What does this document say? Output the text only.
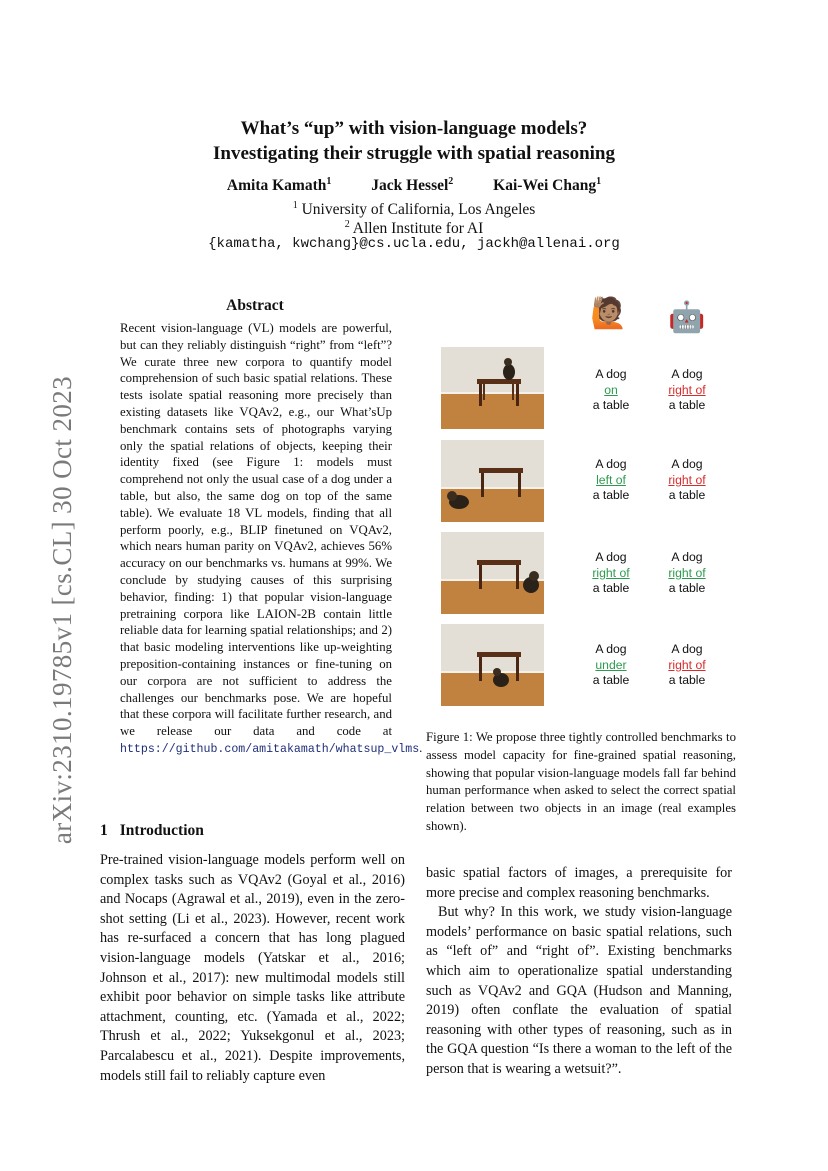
arXiv:2310.19785v1 [cs.CL] 30 Oct 2023
What’s “up” with vision-language models?
Investigating their struggle with spatial reasoning
Amita Kamath$^1$	Jack Hessel$^2$	Kai-Wei Chang$^1$
$^1$ University of California, Los Angeles
$^2$ Allen Institute for AI
{kamatha, kwchang}@cs.ucla.edu, jackh@allenai.org
Abstract
Recent vision-language (VL) models are powerful, but can they reliably distinguish “right” from “left”? We curate three new corpora to quantify model comprehension of such basic spatial relations. These tests isolate spatial reasoning more precisely than existing datasets like VQAv2, e.g., our What’sUp benchmark contains sets of photographs varying only the spatial relations of objects, keeping their identity fixed (see Figure 1: models must comprehend not only the usual case of a dog under a table, but also, the same dog on top of the same table). We evaluate 18 VL models, finding that all perform poorly, e.g., BLIP finetuned on VQAv2, which nears human parity on VQAv2, achieves 56% accuracy on our benchmarks vs. humans at 99%. We conclude by studying causes of this surprising behavior, finding: 1) that popular vision-language pretraining corpora like LAION-2B contain little reliable data for learning spatial relationships; and 2) that basic modeling interventions like up-weighting preposition-containing instances or fine-tuning on our corpora are not sufficient to address the challenges our benchmarks pose. We are hopeful that these corpora will facilitate further research, and we release our data and code at https://github.com/amitakamath/whatsup_vlms.
🙋🏽 🤖
A dog
on
a table
A dog
left of
a table
A dog
right of
a table
A dog
under
a table
A dog
right of
a table
A dog
right of
a table
A dog
right of
a table
A dog
right of
a table
Figure 1: We propose three tightly controlled benchmarks to assess model capacity for fine-grained spatial reasoning, showing that popular vision-language models fall far behind human performance when asked to select the correct spatial relation between two objects in an image (real examples shown).
1 Introduction
Pre-trained vision-language models perform well on complex tasks such as VQAv2 (Goyal et al., 2016) and Nocaps (Agrawal et al., 2019), even in the zero-shot setting (Li et al., 2023). However, recent work has re-surfaced a concern that has long plagued vision-language models (Yatskar et al., 2016; Johnson et al., 2017): new multimodal models still exhibit poor behavior on simple tasks like attribute attachment, counting, etc. (Yamada et al., 2022; Thrush et al., 2022; Yuksekgonul et al., 2023; Parcalabescu et al., 2021). Despite improvements, models still fail to reliably capture even

basic spatial factors of images, a prerequisite for more precise and complex reasoning benchmarks.

But why? In this work, we study vision-language models’ performance on basic spatial relations, such as “left of” and “right of”. Existing benchmarks which aim to operationalize spatial understanding such as VQAv2 and GQA (Hudson and Manning, 2019) often conflate the evaluation of spatial reasoning with other types of reasoning, such as in the GQA question “Is there a woman to the left of the person that is wearing a wetsuit?”.
